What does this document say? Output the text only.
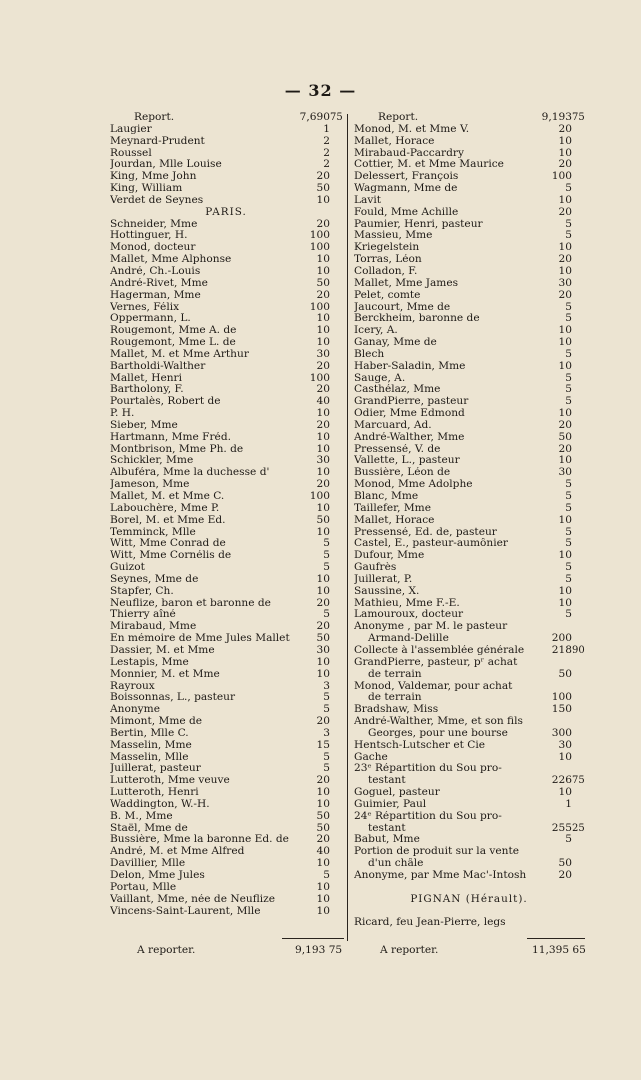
— 32 —
Report.	7,690 75
Laugier	1
Meynard-Prudent	2
Roussel	2
Jourdan, Mlle Louise	2
King, Mme John	20
King, William	50
Verdet de Seynes	10
PARIS.
Schneider, Mme	20
Hottinguer, H.	100
Monod, docteur	100
Mallet, Mme Alphonse	10
André, Ch.-Louis	10
André-Rivet, Mme	50
Hagerman, Mme	20
Vernes, Félix	100
Oppermann, L.	10
Rougemont, Mme A. de	10
Rougemont, Mme L. de	10
Mallet, M. et Mme Arthur	30
Bartholdi-Walther	20
Mallet, Henri	100
Bartholony, F.	20
Pourtalès, Robert de	40
P. H.	10
Sieber, Mme	20
Hartmann, Mme Fréd.	10
Montbrison, Mme Ph. de	10
Schickler, Mme	30
Albuféra, Mme la duchesse d'	10
Jameson, Mme	20
Mallet, M. et Mme C.	100
Labouchère, Mme P.	10
Borel, M. et Mme Ed.	50
Temminck, Mlle	10
Witt, Mme Conrad de	5
Witt, Mme Cornélis de	5
Guizot	5
Seynes, Mme de	10
Stapfer, Ch.	10
Neuflize, baron et baronne de	20
Thierry aîné	5
Mirabaud, Mme	20
En mémoire de Mme Jules Mallet	50
Dassier, M. et Mme	30
Lestapis, Mme	10
Monnier, M. et Mme	10
Rayroux	3
Boissonnas, L., pasteur	5
Anonyme	5
Mimont, Mme de	20
Bertin, Mlle C.	3
Masselin, Mme	15
Masselin, Mlle	5
Juillerat, pasteur	5
Lutteroth, Mme veuve	20
Lutteroth, Henri	10
Waddington, W.-H.	10
B. M., Mme	50
Staël, Mme de	50
Bussière, Mme la baronne Ed. de	20
André, M. et Mme Alfred	40
Davillier, Mlle	10
Delon, Mme Jules	5
Portau, Mlle	10
Vaillant, Mme, née de Neuflize	10
Vincens-Saint-Laurent, Mlle	10
Report.	9,193 75
Monod, M. et Mme V.	20
Mallet, Horace	10
Mirabaud-Paccardry	10
Cottier, M. et Mme Maurice	20
Delessert, François	100
Wagmann, Mme de	5
Lavit	10
Fould, Mme Achille	20
Paumier, Henri, pasteur	5
Massieu, Mme	5
Kriegelstein	10
Torras, Léon	20
Colladon, F.	10
Mallet, Mme James	30
Pelet, comte	20
Jaucourt, Mme de	5
Berckheim, baronne de	5
Icery, A.	10
Ganay, Mme de	10
Blech	5
Haber-Saladin, Mme	10
Sauge, A.	5
Casthélaz, Mme	5
GrandPierre, pasteur	5
Odier, Mme Edmond	10
Marcuard, Ad.	20
André-Walther, Mme	50
Pressensé, V. de	20
Vallette, L., pasteur	10
Bussière, Léon de	30
Monod, Mme Adolphe	5
Blanc, Mme	5
Taillefer, Mme	5
Mallet, Horace	10
Pressensé, Ed. de, pasteur	5
Castel, E., pasteur-aumônier	5
Dufour, Mme	10
Gaufrès	5
Juillerat, P.	5
Saussine, X.	10
Mathieu, Mme F.-E.	10
Lamouroux, docteur	5
Anonyme , par M. le pasteur
Armand-Delille	200
Collecte à l'assemblée générale	218 90
GrandPierre, pasteur, pʳ achat
de terrain	50
Monod, Valdemar, pour achat
de terrain	100
Bradshaw, Miss	150
André-Walther, Mme, et son fils
Georges, pour une bourse	300
Hentsch-Lutscher et Cie	30
Gache	10
23ᵉ Répartition du Sou pro-
testant	226 75
Goguel, pasteur	10
Guimier, Paul	1
24ᵉ Répartition du Sou pro-
testant	255 25
Babut, Mme	5
Portion de produit sur la vente
d'un châle	50
Anonyme, par Mme Mac'-Intosh	20
PIGNAN (Hérault).
Ricard, feu Jean-Pierre, legs
A reporter.	9,193 75	A reporter.	11,395 65
